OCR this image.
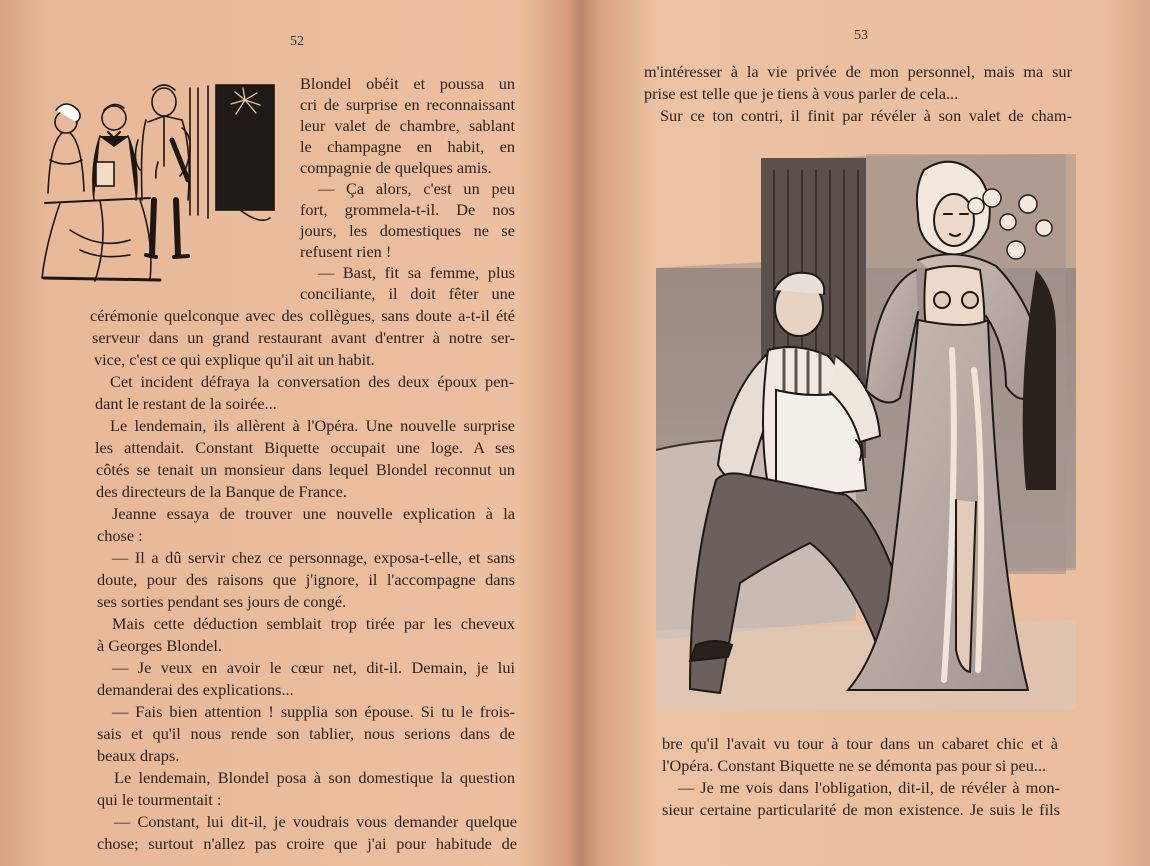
52
Blondel obéit et poussa un
cri de surprise en reconnaissant
leur valet de chambre, sablant
le champagne en habit, en
compagnie de quelques amis.
— Ça alors, c'est un peu
fort, grommela-t-il. De nos
jours, les domestiques ne se
refusent rien !
— Bast, fit sa femme, plus
conciliante, il doit fêter une
cérémonie quelconque avec des collègues, sans doute a-t-il été
serveur dans un grand restaurant avant d'entrer à notre ser-
vice, c'est ce qui explique qu'il ait un habit.
Cet incident défraya la conversation des deux époux pen-
dant le restant de la soirée...
Le lendemain, ils allèrent à l'Opéra. Une nouvelle surprise
les attendait. Constant Biquette occupait une loge. A ses
côtés se tenait un monsieur dans lequel Blondel reconnut un
des directeurs de la Banque de France.
Jeanne essaya de trouver une nouvelle explication à la
chose :
— Il a dû servir chez ce personnage, exposa-t-elle, et sans
doute, pour des raisons que j'ignore, il l'accompagne dans
ses sorties pendant ses jours de congé.
Mais cette déduction semblait trop tirée par les cheveux
à Georges Blondel.
— Je veux en avoir le cœur net, dit-il. Demain, je lui
demanderai des explications...
— Fais bien attention ! supplia son épouse. Si tu le frois-
sais et qu'il nous rende son tablier, nous serions dans de
beaux draps.
Le lendemain, Blondel posa à son domestique la question
qui le tourmentait :
— Constant, lui dit-il, je voudrais vous demander quelque
chose; surtout n'allez pas croire que j'ai pour habitude de
53
m'intéresser à la vie privée de mon personnel, mais ma sur
prise est telle que je tiens à vous parler de cela...
Sur ce ton contri, il finit par révéler à son valet de cham-
bre qu'il l'avait vu tour à tour dans un cabaret chic et à
l'Opéra. Constant Biquette ne se démonta pas pour si peu...
— Je me vois dans l'obligation, dit-il, de révéler à mon-
sieur certaine particularité de mon existence. Je suis le fils
